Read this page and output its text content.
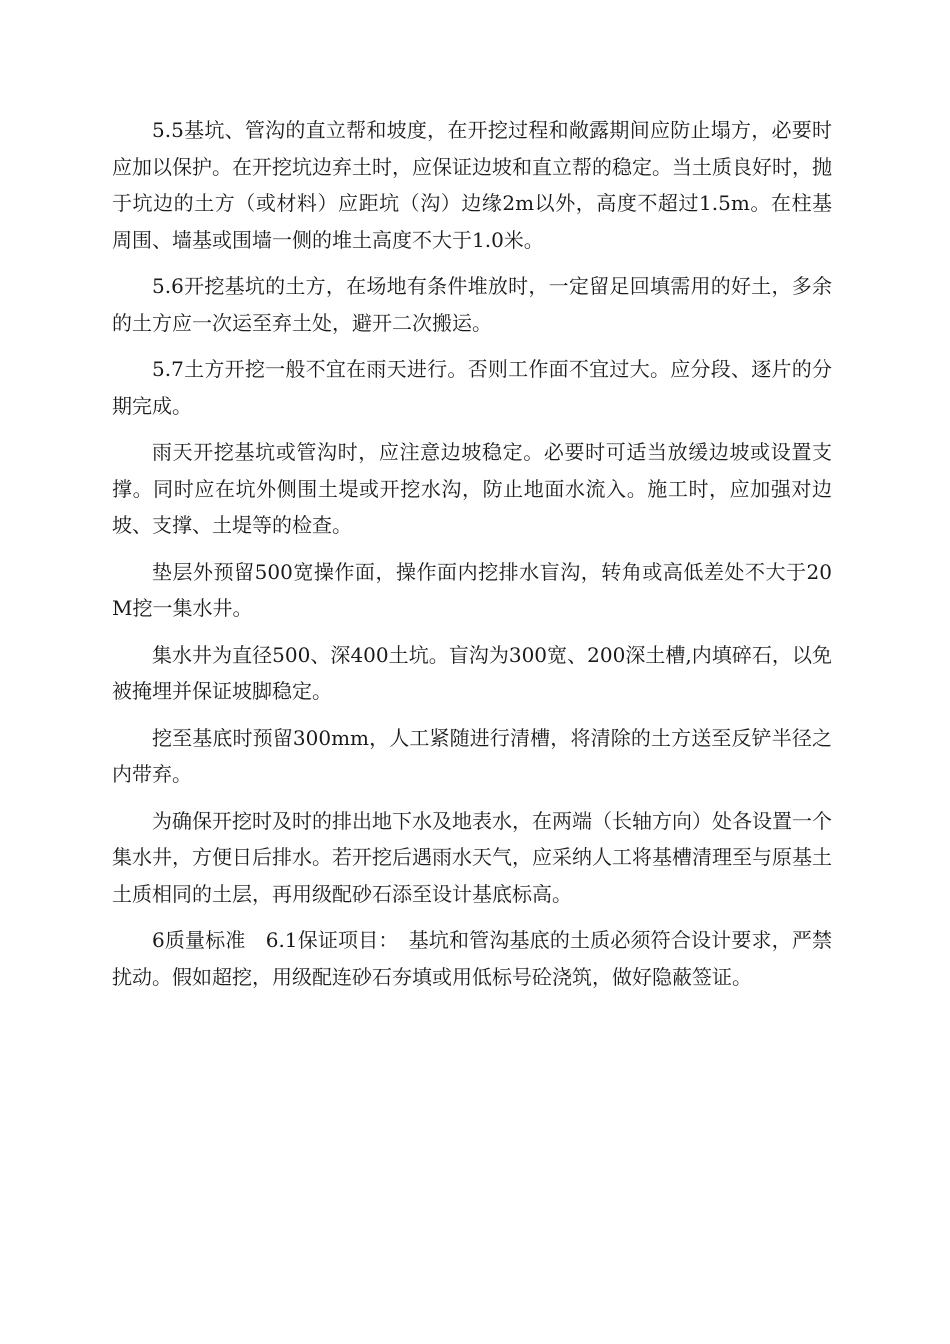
5.5基坑、管沟的直立帮和坡度，在开挖过程和敞露期间应防止塌方，必要时应加以保护。在开挖坑边弃土时，应保证边坡和直立帮的稳定。当土质良好时，抛于坑边的土方（或材料）应距坑（沟）边缘2m以外，高度不超过1.5m。在柱基周围、墙基或围墙一侧的堆土高度不大于1.0米。

5.6开挖基坑的土方，在场地有条件堆放时，一定留足回填需用的好土，多余的土方应一次运至弃土处，避开二次搬运。

5.7土方开挖一般不宜在雨天进行。否则工作面不宜过大。应分段、逐片的分期完成。

雨天开挖基坑或管沟时，应注意边坡稳定。必要时可适当放缓边坡或设置支撑。同时应在坑外侧围土堤或开挖水沟，防止地面水流入。施工时，应加强对边坡、支撑、土堤等的检查。

垫层外预留500宽操作面，操作面内挖排水盲沟，转角或高低差处不大于20M挖一集水井。

集水井为直径500、深400土坑。盲沟为300宽、200深土槽,内填碎石，以免被掩埋并保证坡脚稳定。

挖至基底时预留300mm，人工紧随进行清槽，将清除的土方送至反铲半径之内带弃。

为确保开挖时及时的排出地下水及地表水，在两端（长轴方向）处各设置一个集水井，方便日后排水。若开挖后遇雨水天气，应采纳人工将基槽清理至与原基土土质相同的土层，再用级配砂石添至设计基底标高。

6质量标准　6.1保证项目：　基坑和管沟基底的土质必须符合设计要求，严禁扰动。假如超挖，用级配连砂石夯填或用低标号砼浇筑，做好隐蔽签证。
